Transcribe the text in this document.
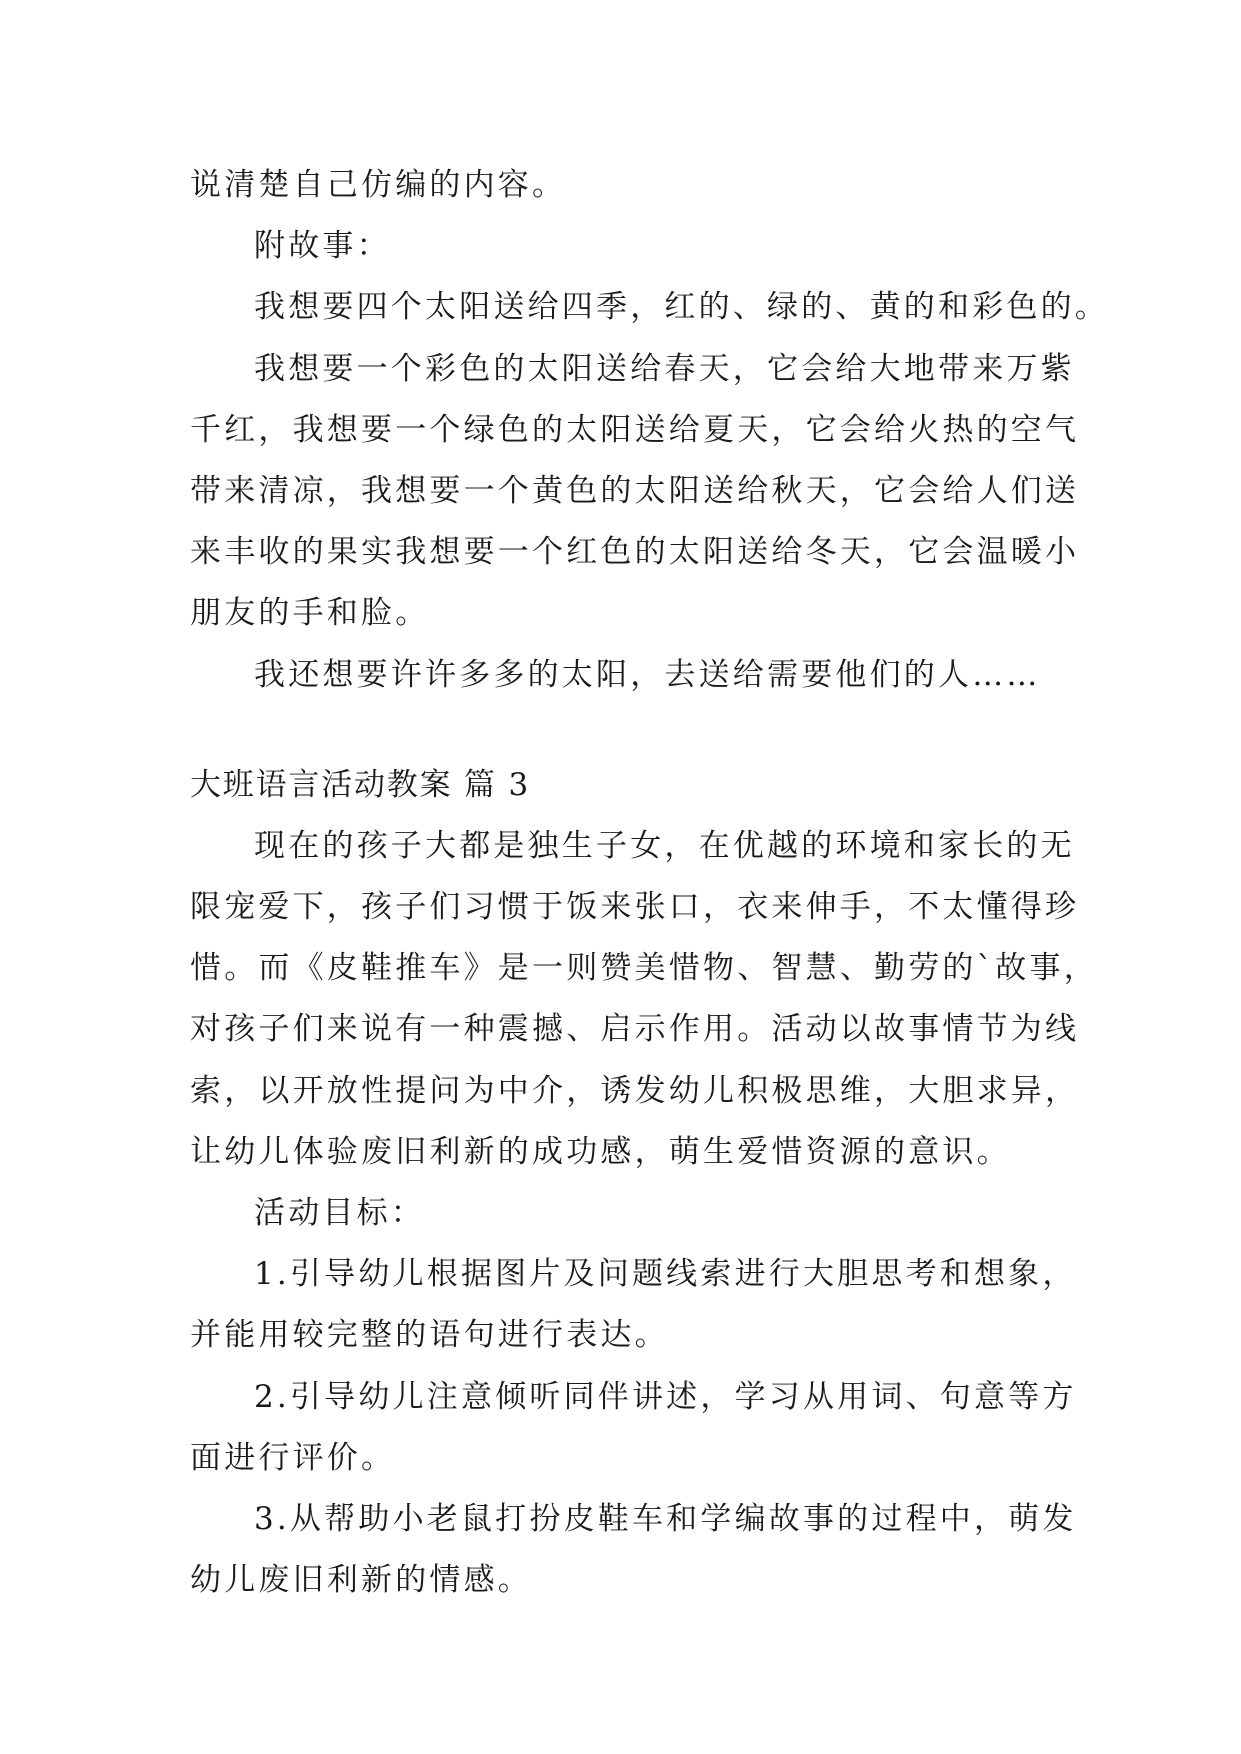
说清楚自己仿编的内容。
附故事：
我想要四个太阳送给四季，红的、绿的、黄的和彩色的。
我想要一个彩色的太阳送给春天，它会给大地带来万紫
千红，我想要一个绿色的太阳送给夏天，它会给火热的空气
带来清凉，我想要一个黄色的太阳送给秋天，它会给人们送
来丰收的果实我想要一个红色的太阳送给冬天，它会温暖小
朋友的手和脸。
我还想要许许多多的太阳，去送给需要他们的人……
大班语言活动教案 篇 3
现在的孩子大都是独生子女，在优越的环境和家长的无
限宠爱下，孩子们习惯于饭来张口，衣来伸手，不太懂得珍
惜。而《皮鞋推车》是一则赞美惜物、智慧、勤劳的`故事，
对孩子们来说有一种震撼、启示作用。活动以故事情节为线
索，以开放性提问为中介，诱发幼儿积极思维，大胆求异，
让幼儿体验废旧利新的成功感，萌生爱惜资源的意识。
活动目标：
1.引导幼儿根据图片及问题线索进行大胆思考和想象，
并能用较完整的语句进行表达。
2.引导幼儿注意倾听同伴讲述，学习从用词、句意等方
面进行评价。
3.从帮助小老鼠打扮皮鞋车和学编故事的过程中，萌发
幼儿废旧利新的情感。
